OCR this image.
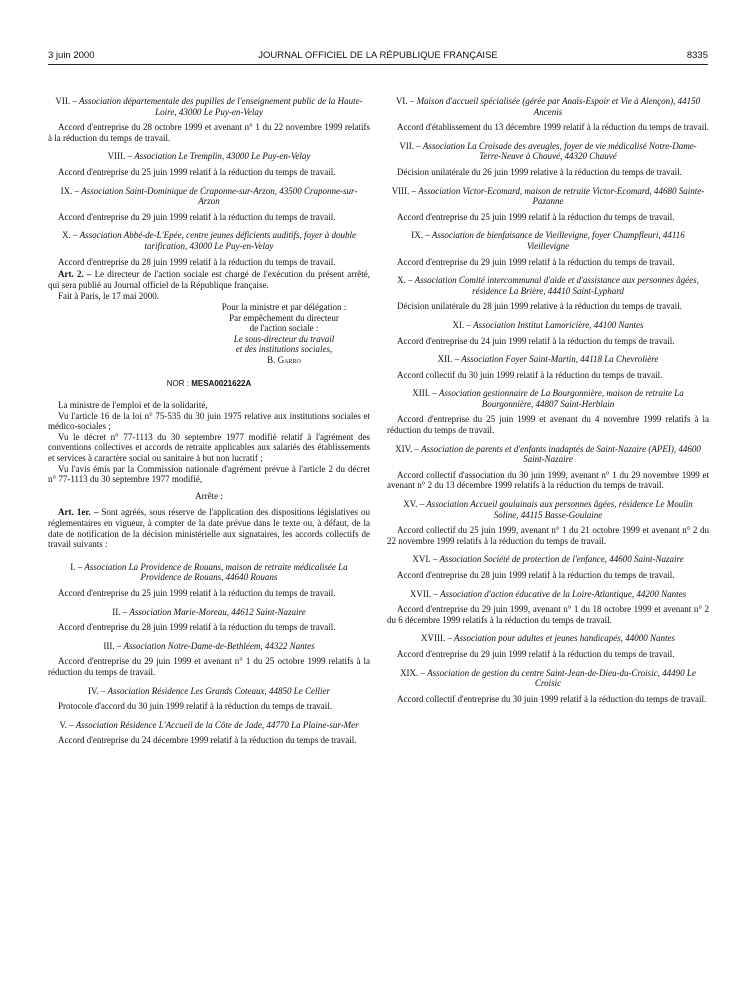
3 juin 2000	JOURNAL OFFICIEL DE LA RÉPUBLIQUE FRANÇAISE	8335

VII. – Association départementale des pupilles de l'enseignement public de la Haute-Loire, 43000 Le Puy-en-Velay

Accord d'entreprise du 28 octobre 1999 et avenant n° 1 du 22 novembre 1999 relatifs à la réduction du temps de travail.

VIII. – Association Le Tremplin, 43000 Le Puy-en-Velay

Accord d'entreprise du 25 juin 1999 relatif à la réduction du temps de travail.

IX. – Association Saint-Dominique de Craponne-sur-Arzon, 43500 Craponne-sur-Arzon

Accord d'entreprise du 29 juin 1999 relatif à la réduction du temps de travail.

X. – Association Abbé-de-L'Epée, centre jeunes déficients auditifs, foyer à double tarification, 43000 Le Puy-en-Velay

Accord d'entreprise du 28 juin 1999 relatif à la réduction du temps de travail.

Art. 2. – Le directeur de l'action sociale est chargé de l'exécution du présent arrêté, qui sera publié au Journal officiel de la République française.

Fait à Paris, le 17 mai 2000.

Pour la ministre et par délégation :
Par empêchement du directeur
de l'action sociale :
Le sous-directeur du travail
et des institutions sociales,
B. Garro
NOR : MESA0021622A

La ministre de l'emploi et de la solidarité,

Vu l'article 16 de la loi n° 75-535 du 30 juin 1975 relative aux institutions sociales et médico-sociales ;

Vu le décret n° 77-1113 du 30 septembre 1977 modifié relatif à l'agrément des conventions collectives et accords de retraite applicables aux salariés des établissements et services à caractère social ou sanitaire à but non lucratif ;

Vu l'avis émis par la Commission nationale d'agrément prévue à l'article 2 du décret n° 77-1113 du 30 septembre 1977 modifié,

Arrête :

Art. 1er. – Sont agréés, sous réserve de l'application des dispositions législatives ou réglementaires en vigueur, à compter de la date prévue dans le texte ou, à défaut, de la date de notification de la décision ministérielle aux signataires, les accords collectifs de travail suivants :

I. – Association La Providence de Rouans, maison de retraite médicalisée La Providence de Rouans, 44640 Rouans

Accord d'entreprise du 25 juin 1999 relatif à la réduction du temps de travail.

II. – Association Marie-Moreau, 44612 Saint-Nazaire

Accord d'entreprise du 28 juin 1999 relatif à la réduction du temps de travail.

III. – Association Notre-Dame-de-Bethléem, 44322 Nantes

Accord d'entreprise du 29 juin 1999 et avenant n° 1 du 25 octobre 1999 relatifs à la réduction du temps de travail.

IV. – Association Résidence Les Grands Coteaux, 44850 Le Cellier

Protocole d'accord du 30 juin 1999 relatif à la réduction du temps de travail.

V. – Association Résidence L'Accueil de la Côte de Jade, 44770 La Plaine-sur-Mer

Accord d'entreprise du 24 décembre 1999 relatif à la réduction du temps de travail.

VI. – Maison d'accueil spécialisée (gérée par Anaïs-Espoir et Vie à Alençon), 44150 Ancenis

Accord d'établissement du 13 décembre 1999 relatif à la réduction du temps de travail.

VII. – Association La Croisade des aveugles, foyer de vie médicalisé Notre-Dame-Terre-Neuve à Chauvé, 44320 Chauvé

Décision unilatérale du 26 juin 1999 relative à la réduction du temps de travail.

VIII. – Association Victor-Ecomard, maison de retraite Victor-Ecomard, 44680 Sainte-Pazanne

Accord d'entreprise du 25 juin 1999 relatif à la réduction du temps de travail.

IX. – Association de bienfaisance de Vieillevigne, foyer Champfleuri, 44116 Vieillevigne

Accord d'entreprise du 29 juin 1999 relatif à la réduction du temps de travail.

X. – Association Comité intercommunal d'aide et d'assistance aux personnes âgées, résidence La Brière, 44410 Saint-Lyphard

Décision unilatérale du 28 juin 1999 relative à la réduction du temps de travail.

XI. – Association Institut Lamoricière, 44100 Nantes

Accord d'entreprise du 24 juin 1999 relatif à la réduction du temps de travail.

XII. – Association Foyer Saint-Martin, 44118 La Chevrolière

Accord collectif du 30 juin 1999 relatif à la réduction du temps de travail.

XIII. – Association gestionnaire de La Bourgonnière, maison de retraite La Bourgonnière, 44807 Saint-Herblain

Accord d'entreprise du 25 juin 1999 et avenant du 4 novembre 1999 relatifs à la réduction du temps de travail.

XIV. – Association de parents et d'enfants inadaptés de Saint-Nazaire (APEI), 44600 Saint-Nazaire

Accord collectif d'association du 30 juin 1999, avenant n° 1 du 29 novembre 1999 et avenant n° 2 du 13 décembre 1999 relatifs à la réduction du temps de travail.

XV. – Association Accueil goulainais aux personnes âgées, résidence Le Moulin Soline, 44115 Basse-Goulaine

Accord collectif du 25 juin 1999, avenant n° 1 du 21 octobre 1999 et avenant n° 2 du 22 novembre 1999 relatifs à la réduction du temps de travail.

XVI. – Association Société de protection de l'enfance, 44600 Saint-Nazaire

Accord d'entreprise du 28 juin 1999 relatif à la réduction du temps de travail.

XVII. – Association d'action éducative de la Loire-Atlantique, 44200 Nantes

Accord d'entreprise du 29 juin 1999, avenant n° 1 du 18 octobre 1999 et avenant n° 2 du 6 décembre 1999 relatifs à la réduction du temps de travail.

XVIII. – Association pour adultes et jeunes handicapés, 44000 Nantes

Accord d'entreprise du 29 juin 1999 relatif à la réduction du temps de travail.

XIX. – Association de gestion du centre Saint-Jean-de-Dieu-du-Croisic, 44490 Le Croisic

Accord collectif d'entreprise du 30 juin 1999 relatif à la réduction du temps de travail.
